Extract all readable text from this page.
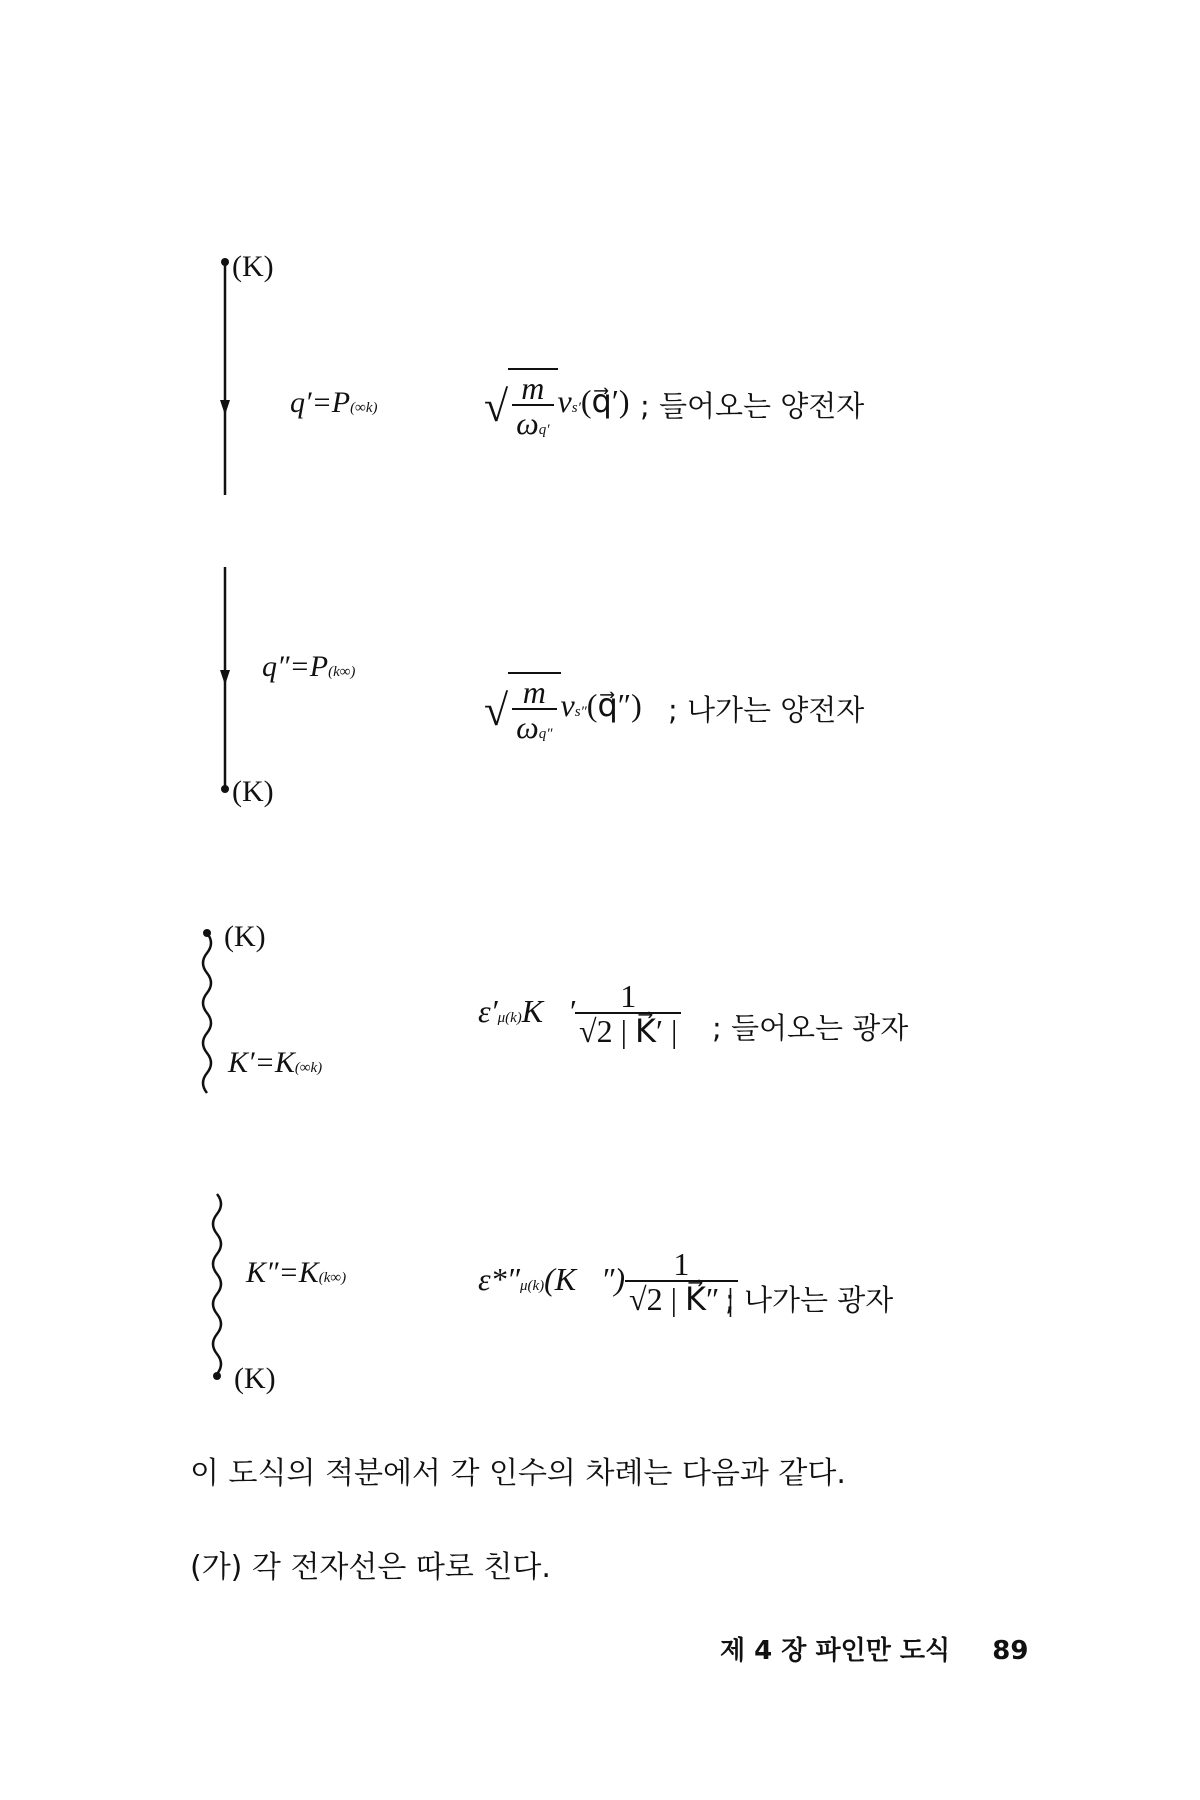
(K)
q′=P(∞k) √ $\frac{m}{\omega q'}$ vs′(q⃗′) ; 들어오는 양전자
q″=P(k∞)
(K)
√ $\frac{m}{\omega q''}$ vs″(q⃗″) ; 나가는 양전자
(K)
K′=K(∞k)
ε′μ(k)K⃗′ $\frac{1}{√2 | K⃗' |}$ ; 들어오는 광자
K″=K(k∞)
(K)
ε*″μ(k)(K⃗″) $\frac{1}{√2 | K⃗'' |}$
; 나가는 광자
이 도식의 적분에서 각 인수의 차례는 다음과 같다.
(가) 각 전자선은 따로 친다.
제 4 장 파인만 도식 89
